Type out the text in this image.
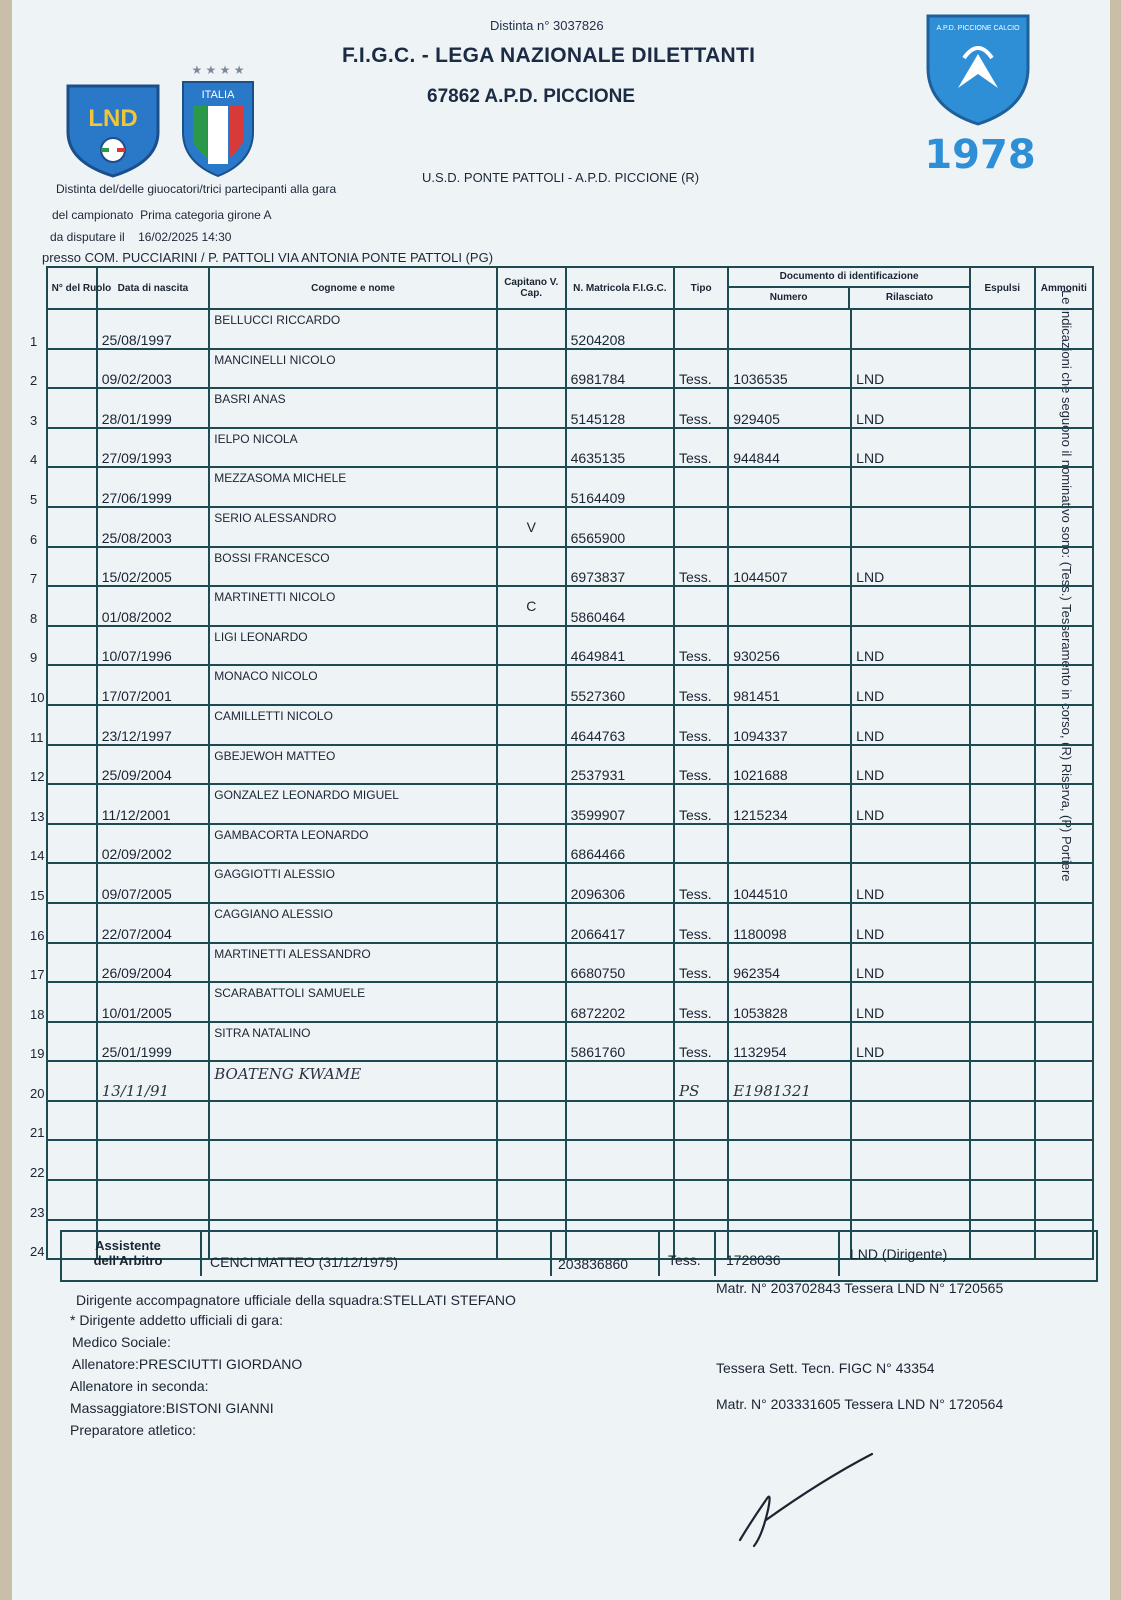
Distinta n° 3037826
F.I.G.C. - LEGA NAZIONALE DILETTANTI
67862 A.P.D. PICCIONE
LND
★ ★ ★ ★
ITALIA
A.P.D. PICCIONE CALCIO
1978
Distinta del/delle giuocatori/trici partecipanti alla gara
U.S.D. PONTE PATTOLI - A.P.D. PICCIONE (R)
del campionato Prima categoria girone A
da disputare il 16/02/2025 14:30
presso COM. PUCCIARINI / P. PATTOLI VIA ANTONIA PONTE PATTOLI (PG)
Le indicazioni che seguono il nominativo sono: (Tess.) Tesseramento in corso, (R) Riserva, (P) Portiere
	N° del Ruolo	Data di nascita	Cognome e nome	Capitano V. Cap.	N. Matricola F.I.G.C.	Tipo	Documento di identificazione
Numero Rilasciato		Espulsi	Ammoniti
1		25/08/1997	BELLUCCI RICCARDO		5204208					
2		09/02/2003	MANCINELLI NICOLO		6981784	Tess.	1036535	LND		
3		28/01/1999	BASRI ANAS		5145128	Tess.	929405	LND		
4		27/09/1993	IELPO NICOLA		4635135	Tess.	944844	LND		
5		27/06/1999	MEZZASOMA MICHELE		5164409					
6		25/08/2003	SERIO ALESSANDRO	V	6565900					
7		15/02/2005	BOSSI FRANCESCO		6973837	Tess.	1044507	LND		
8		01/08/2002	MARTINETTI NICOLO	C	5860464					
9		10/07/1996	LIGI LEONARDO		4649841	Tess.	930256	LND		
10		17/07/2001	MONACO NICOLO		5527360	Tess.	981451	LND		
11		23/12/1997	CAMILLETTI NICOLO		4644763	Tess.	1094337	LND		
12		25/09/2004	GBEJEWOH MATTEO		2537931	Tess.	1021688	LND		
13		11/12/2001	GONZALEZ LEONARDO MIGUEL		3599907	Tess.	1215234	LND		
14		02/09/2002	GAMBACORTA LEONARDO		6864466					
15		09/07/2005	GAGGIOTTI ALESSIO		2096306	Tess.	1044510	LND		
16		22/07/2004	CAGGIANO ALESSIO		2066417	Tess.	1180098	LND		
17		26/09/2004	MARTINETTI ALESSANDRO		6680750	Tess.	962354	LND		
18		10/01/2005	SCARABATTOLI SAMUELE		6872202	Tess.	1053828	LND		
19		25/01/1999	SITRA NATALINO		5861760	Tess.	1132954	LND		
20		13/11/91	BOATENG KWAME			PS	E1981321			
21										
22										
23										
24											Assistente dell'Arbitro	CENCI MATTEO (31/12/1975)	203836860	Tess. 1728036	LND (Dirigente)
Dirigente accompagnatore ufficiale della squadra:STELLATI STEFANO
* Dirigente addetto ufficiali di gara:
Medico Sociale:
Allenatore:PRESCIUTTI GIORDANO
Allenatore in seconda:
Massaggiatore:BISTONI GIANNI
Preparatore atletico:
Matr. N° 203702843 Tessera LND N° 1720565
Tessera Sett. Tecn. FIGC N° 43354
Matr. N° 203331605 Tessera LND N° 1720564
